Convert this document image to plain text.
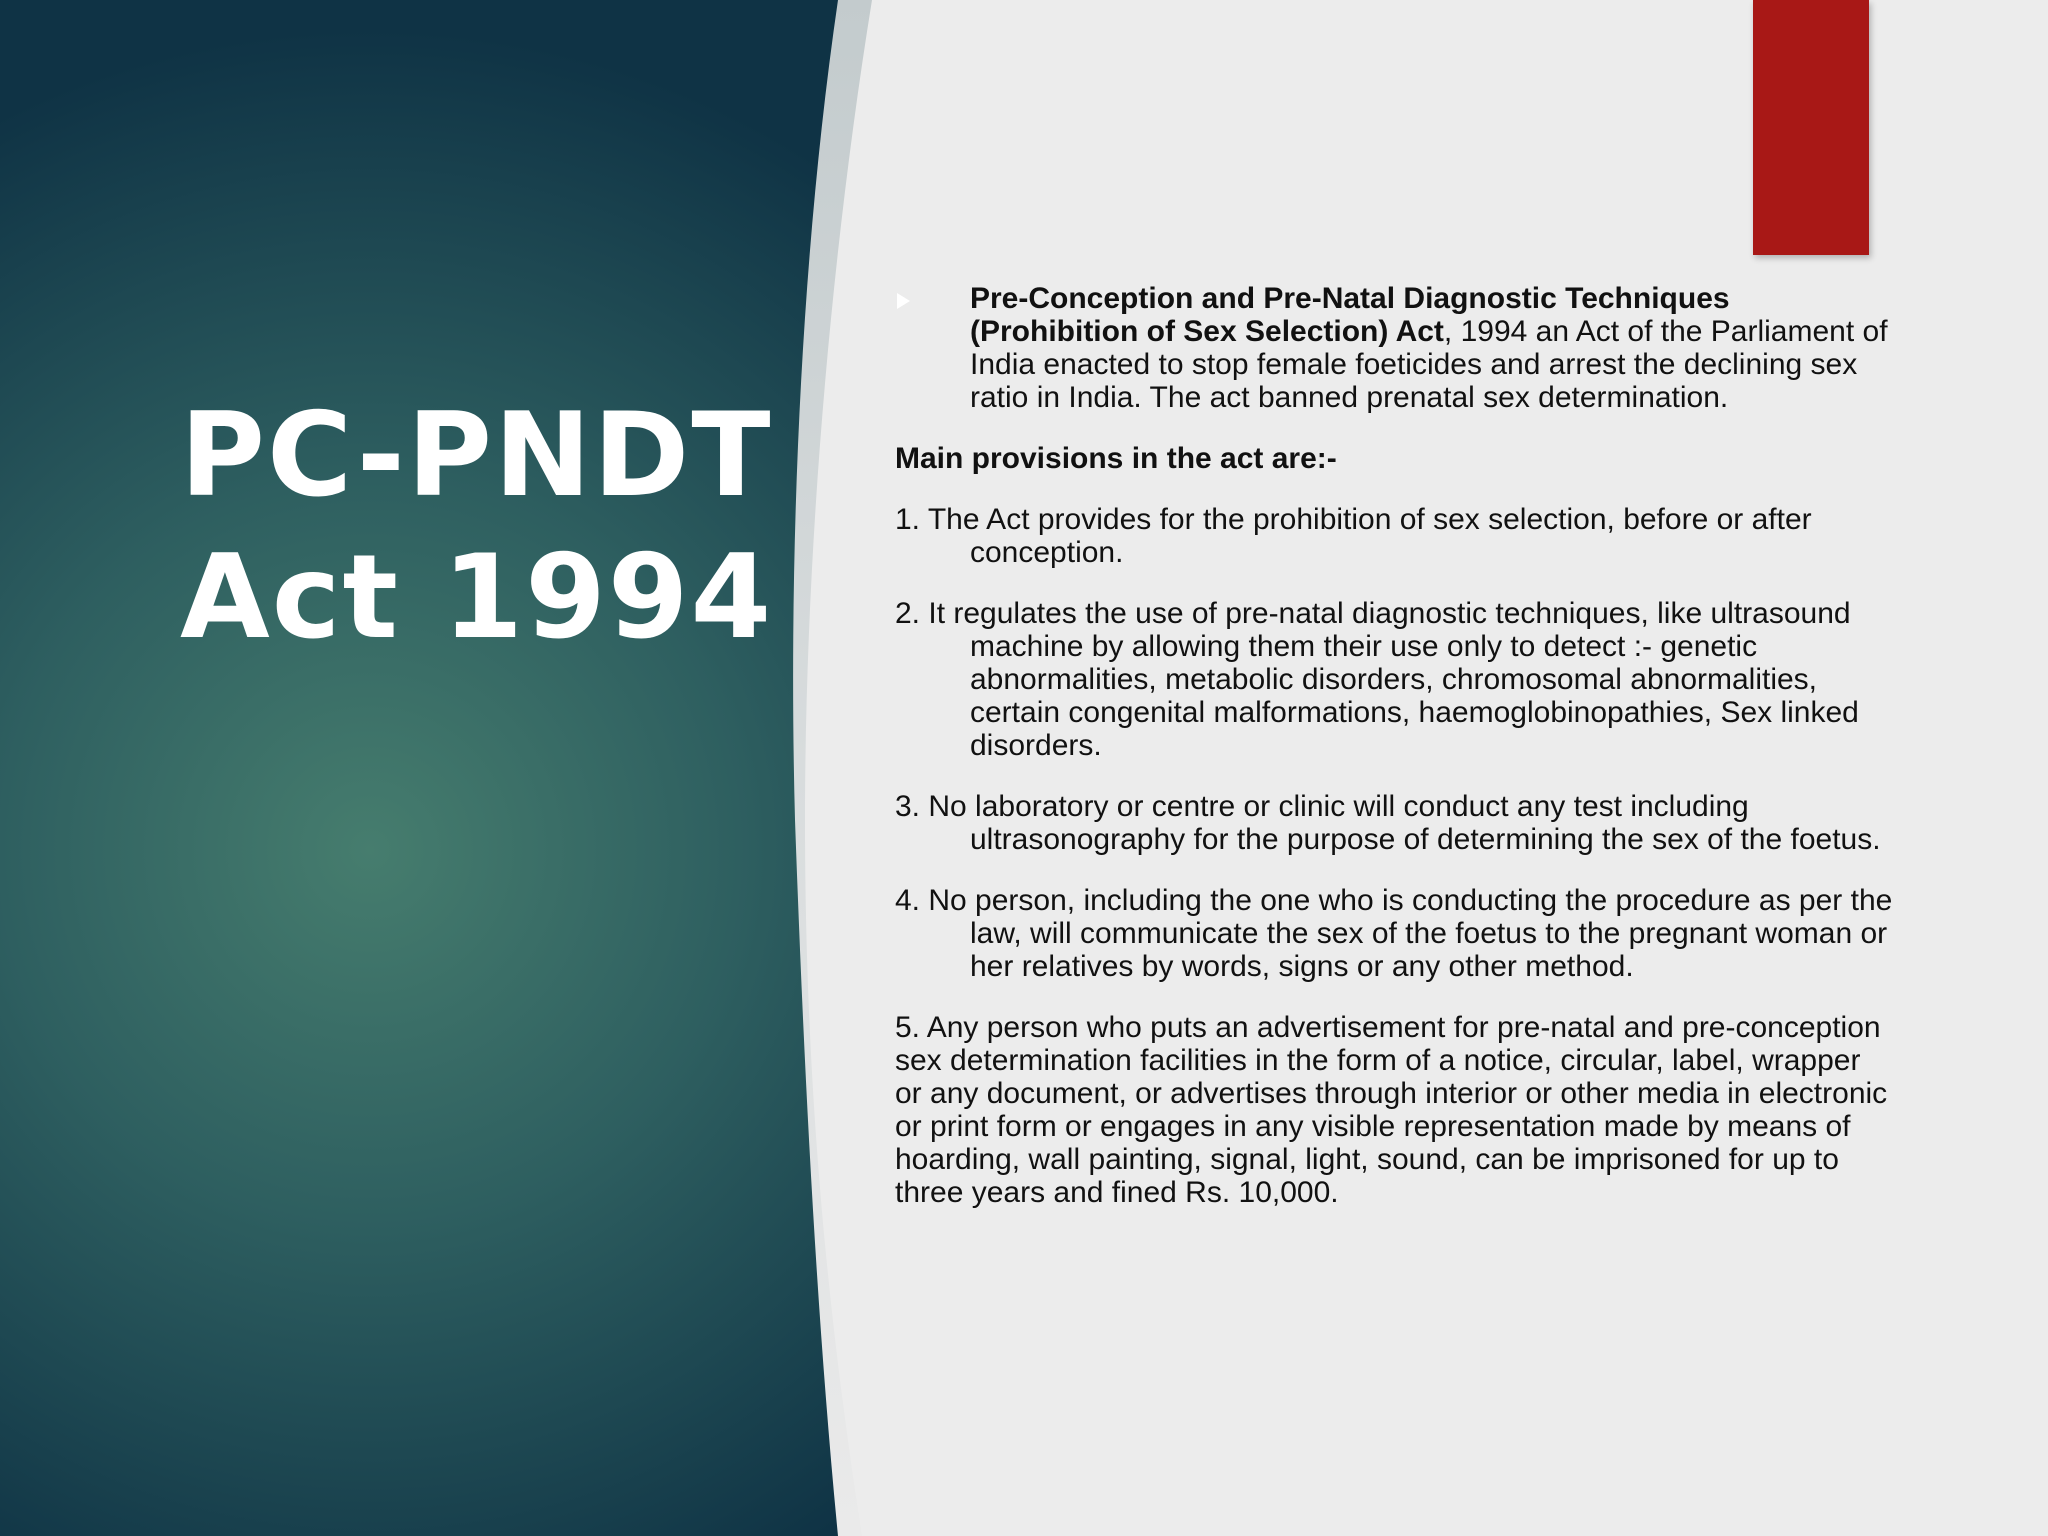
PC-PNDT
Act 1994

Pre-Conception and Pre-Natal Diagnostic Techniques (Prohibition of Sex Selection) Act, 1994 an Act of the Parliament of India enacted to stop female foeticides and arrest the declining sex ratio in India. The act banned prenatal sex determination.

Main provisions in the act are:-

1. The Act provides for the prohibition of sex selection, before or after conception.

2. It regulates the use of pre-natal diagnostic techniques, like ultrasound machine by allowing them their use only to detect :- genetic abnormalities, metabolic disorders, chromosomal abnormalities, certain congenital malformations, haemoglobinopathies, Sex linked disorders.

3. No laboratory or centre or clinic will conduct any test including ultrasonography for the purpose of determining the sex of the foetus.

4. No person, including the one who is conducting the procedure as per the law, will communicate the sex of the foetus to the pregnant woman or her relatives by words, signs or any other method.

5. Any person who puts an advertisement for pre-natal and pre-conception sex determination facilities in the form of a notice, circular, label, wrapper or any document, or advertises through interior or other media in electronic or print form or engages in any visible representation made by means of hoarding, wall painting, signal, light, sound, can be imprisoned for up to three years and fined Rs. 10,000.
